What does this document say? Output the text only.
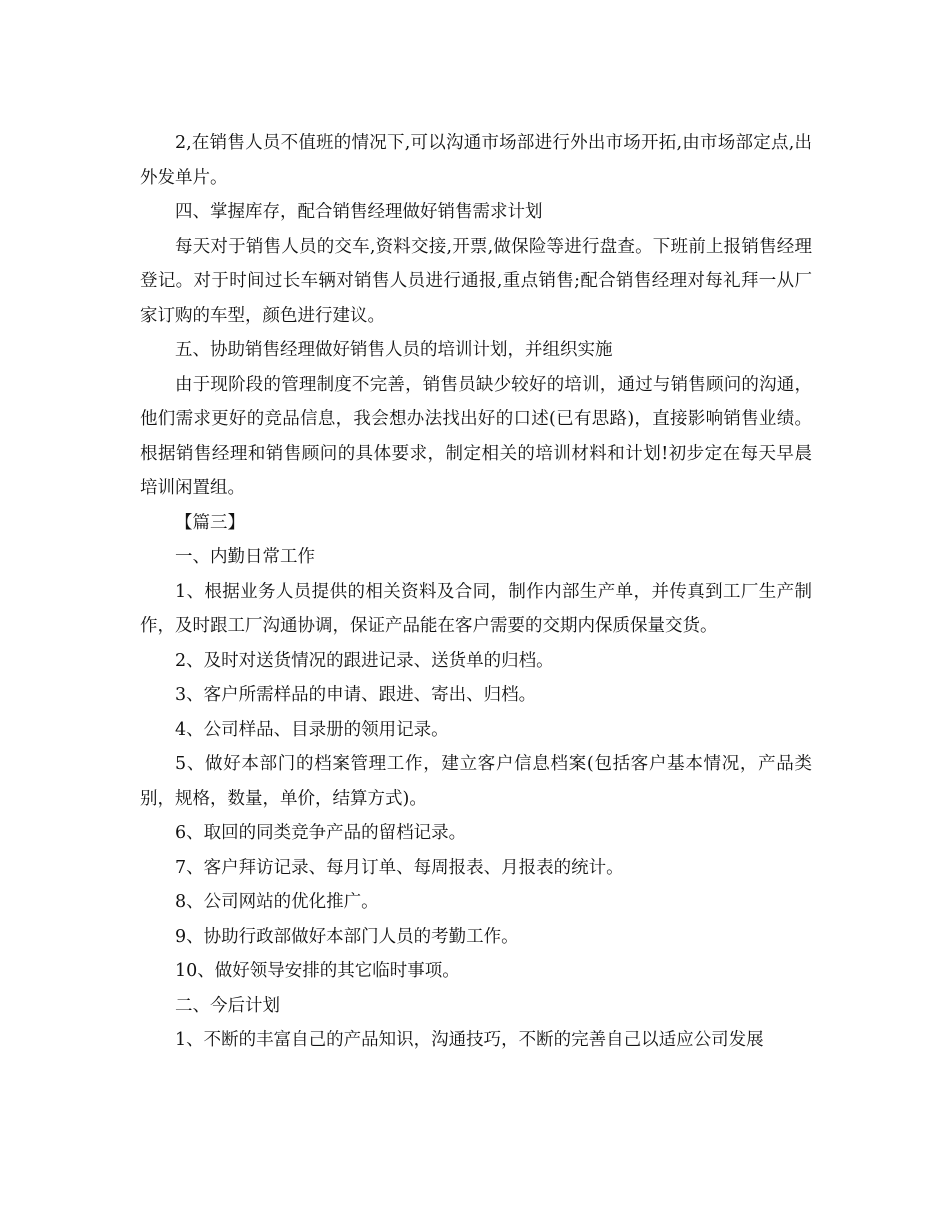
2,在销售人员不值班的情况下,可以沟通市场部进行外出市场开拓,由市场部定点,出外发单片。

四、掌握库存，配合销售经理做好销售需求计划

每天对于销售人员的交车,资料交接,开票,做保险等进行盘查。下班前上报销售经理登记。对于时间过长车辆对销售人员进行通报,重点销售;配合销售经理对每礼拜一从厂家订购的车型，颜色进行建议。

五、协助销售经理做好销售人员的培训计划，并组织实施

由于现阶段的管理制度不完善，销售员缺少较好的培训，通过与销售顾问的沟通，他们需求更好的竞品信息，我会想办法找出好的口述(已有思路)，直接影响销售业绩。根据销售经理和销售顾问的具体要求，制定相关的培训材料和计划!初步定在每天早晨培训闲置组。

【篇三】

一、内勤日常工作

1、根据业务人员提供的相关资料及合同，制作内部生产单，并传真到工厂生产制作，及时跟工厂沟通协调，保证产品能在客户需要的交期内保质保量交货。

2、及时对送货情况的跟进记录、送货单的归档。

3、客户所需样品的申请、跟进、寄出、归档。

4、公司样品、目录册的领用记录。

5、做好本部门的档案管理工作，建立客户信息档案(包括客户基本情况，产品类别，规格，数量，单价，结算方式)。

6、取回的同类竞争产品的留档记录。

7、客户拜访记录、每月订单、每周报表、月报表的统计。

8、公司网站的优化推广。

9、协助行政部做好本部门人员的考勤工作。

10、做好领导安排的其它临时事项。

二、今后计划

1、不断的丰富自己的产品知识，沟通技巧，不断的完善自己以适应公司发展
